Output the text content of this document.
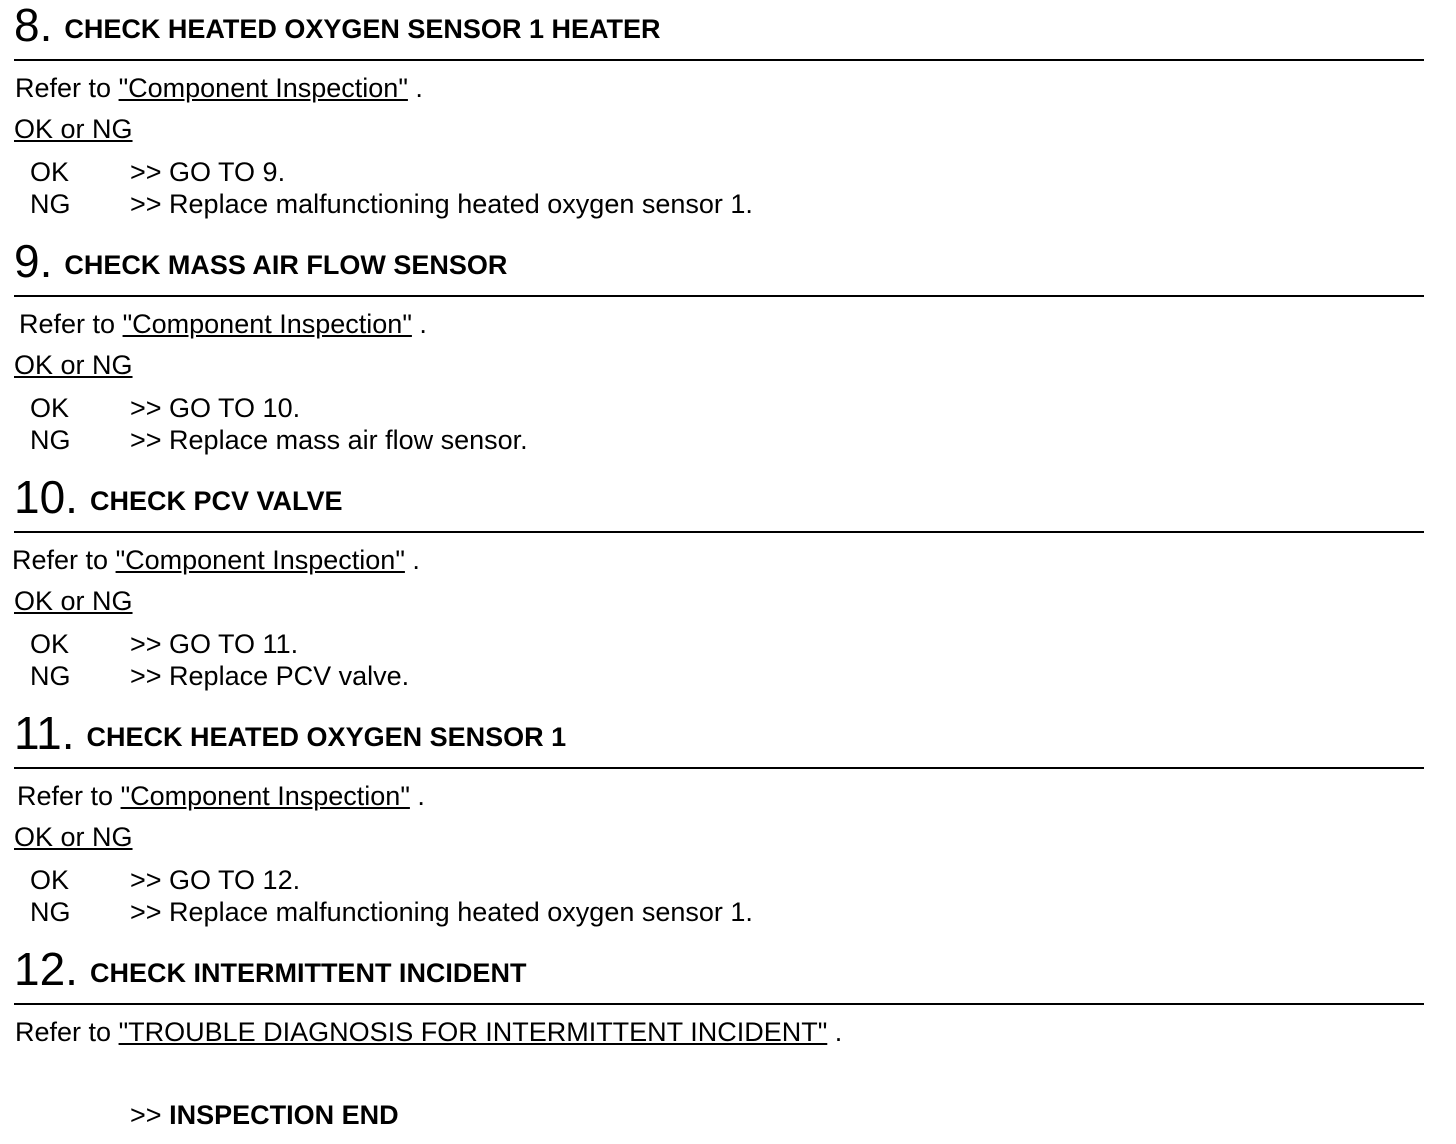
8. CHECK HEATED OXYGEN SENSOR 1 HEATER
Refer to "Component Inspection" .
OK or NG
OK >> GO TO 9.
NG >> Replace malfunctioning heated oxygen sensor 1.
9. CHECK MASS AIR FLOW SENSOR
Refer to "Component Inspection" .
OK or NG
OK >> GO TO 10.
NG >> Replace mass air flow sensor.
10. CHECK PCV VALVE
Refer to "Component Inspection" .
OK or NG
OK >> GO TO 11.
NG >> Replace PCV valve.
11. CHECK HEATED OXYGEN SENSOR 1
Refer to "Component Inspection" .
OK or NG
OK >> GO TO 12.
NG >> Replace malfunctioning heated oxygen sensor 1.
12. CHECK INTERMITTENT INCIDENT
Refer to "TROUBLE DIAGNOSIS FOR INTERMITTENT INCIDENT" .
>> INSPECTION END
